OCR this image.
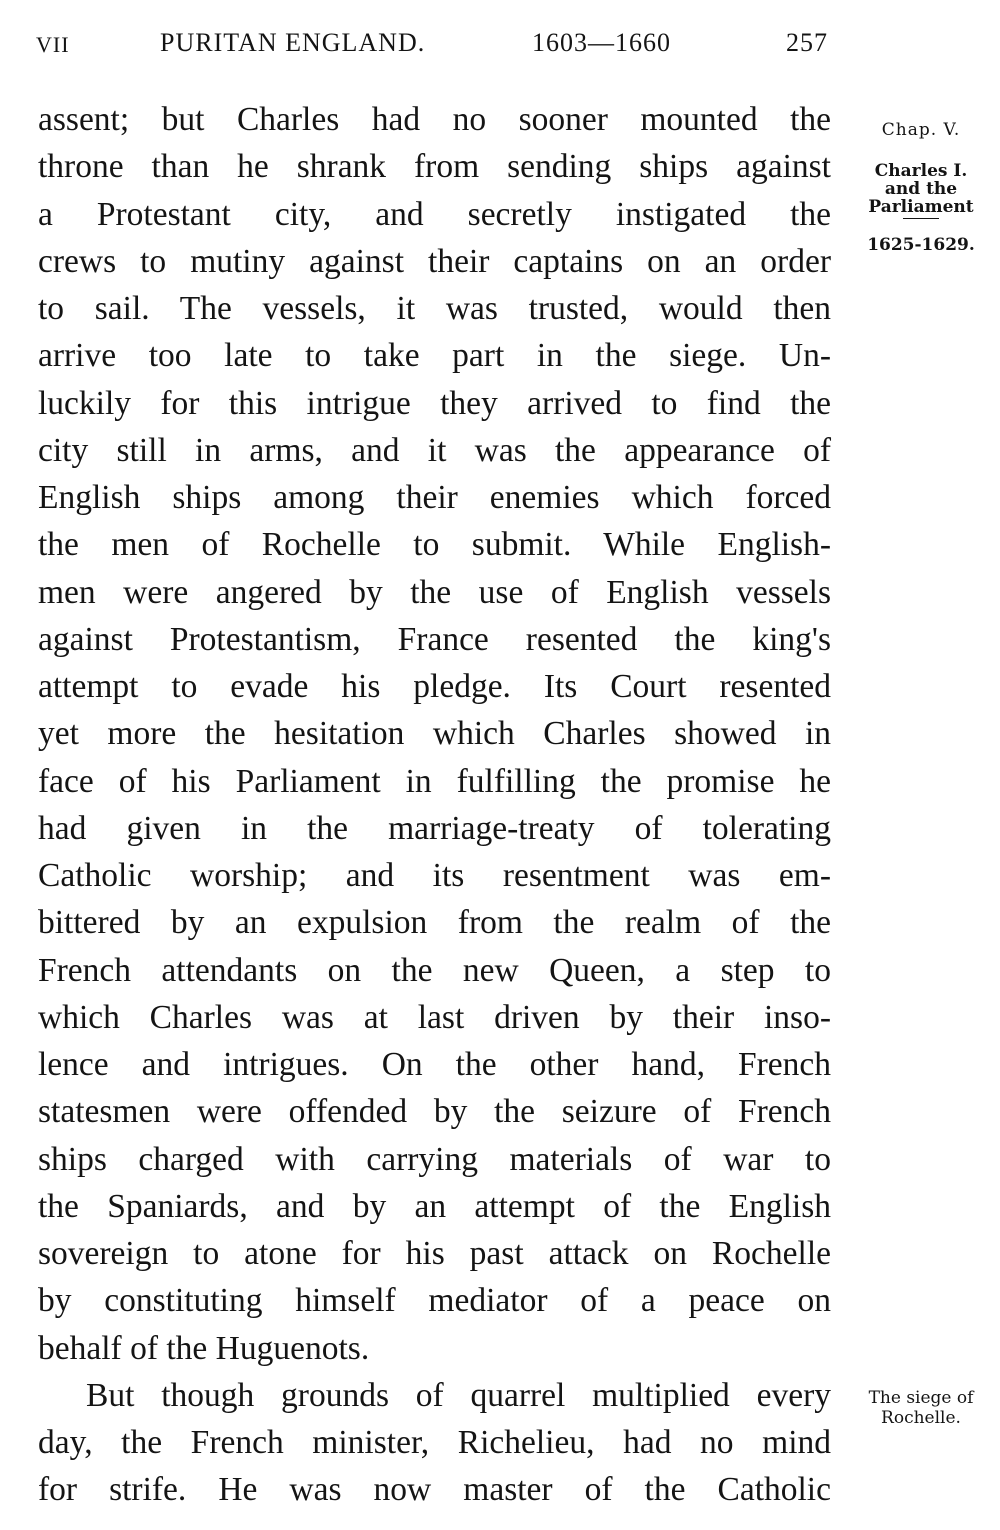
VII	PURITAN ENGLAND.	1603—1660	257
assent; but Charles had no sooner mounted the
throne than he shrank from sending ships against
a Protestant city, and secretly instigated the
crews to mutiny against their captains on an order
to sail. The vessels, it was trusted, would then
arrive too late to take part in the siege. Un-
luckily for this intrigue they arrived to find the
city still in arms, and it was the appearance of
English ships among their enemies which forced
the men of Rochelle to submit. While English-
men were angered by the use of English vessels
against Protestantism, France resented the king's
attempt to evade his pledge. Its Court resented
yet more the hesitation which Charles showed in
face of his Parliament in fulfilling the promise he
had given in the marriage-treaty of tolerating
Catholic worship; and its resentment was em-
bittered by an expulsion from the realm of the
French attendants on the new Queen, a step to
which Charles was at last driven by their inso-
lence and intrigues. On the other hand, French
statesmen were offended by the seizure of French
ships charged with carrying materials of war to
the Spaniards, and by an attempt of the English
sovereign to atone for his past attack on Rochelle
by constituting himself mediator of a peace on
behalf of the Huguenots.
But though grounds of quarrel multiplied every
day, the French minister, Richelieu, had no mind
for strife. He was now master of the Catholic
Chap. V.
Charles I.
and the
Parliament
1625-1629.
The siege of
Rochelle.
